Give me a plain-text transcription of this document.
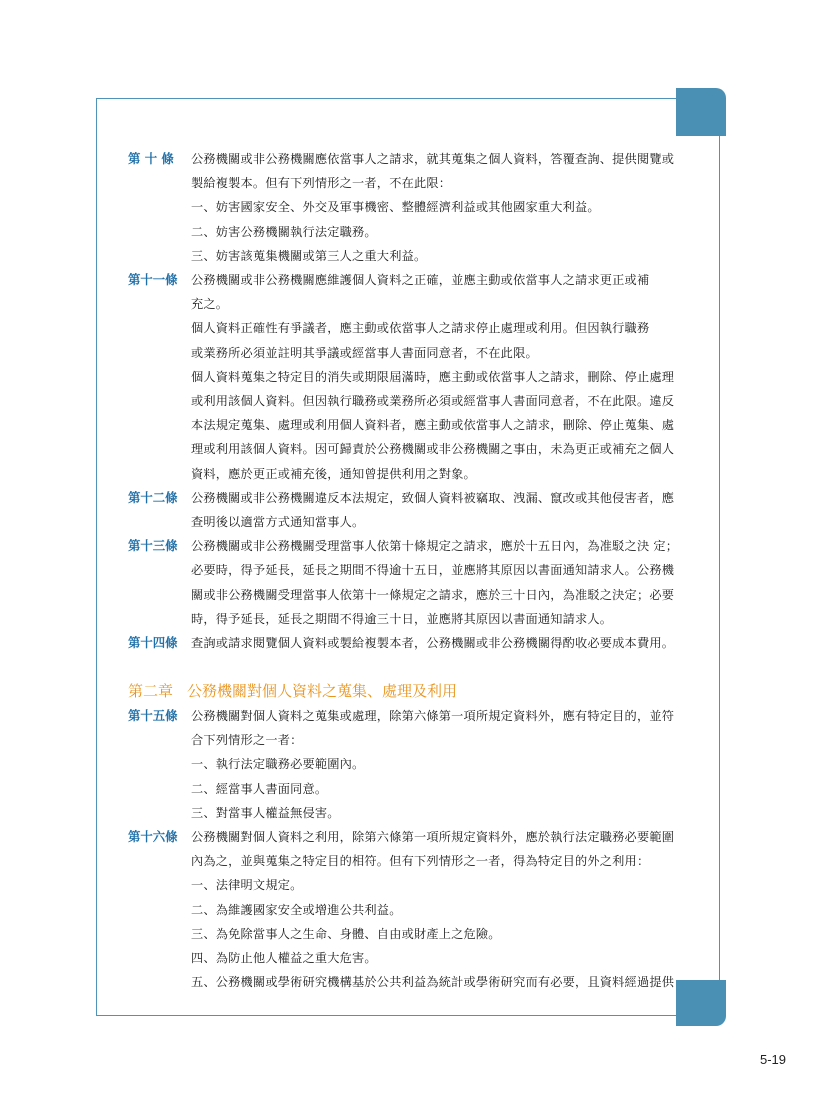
第二章 公務機關對個人資料之蒐集、處理及利用
第 十 條 公務機關或非公務機關應依當事人之請求，就其蒐集之個人資料，答覆查詢、提供閱覽或
製給複製本。但有下列情形之一者，不在此限：
一、妨害國家安全、外交及軍事機密、整體經濟利益或其他國家重大利益。
二、妨害公務機關執行法定職務。
三、妨害該蒐集機關或第三人之重大利益。
第十一條 公務機關或非公務機關應維護個人資料之正確，並應主動或依當事人之請求更正或補
充之。
個人資料正確性有爭議者，應主動或依當事人之請求停止處理或利用。但因執行職務
或業務所必須並註明其爭議或經當事人書面同意者，不在此限。
個人資料蒐集之特定目的消失或期限屆滿時，應主動或依當事人之請求，刪除、停止處理
或利用該個人資料。但因執行職務或業務所必須或經當事人書面同意者，不在此限。違反
本法規定蒐集、處理或利用個人資料者，應主動或依當事人之請求，刪除、停止蒐集、處
理或利用該個人資料。因可歸責於公務機關或非公務機關之事由，未為更正或補充之個人
資料，應於更正或補充後，通知曾提供利用之對象。
第十二條 公務機關或非公務機關違反本法規定，致個人資料被竊取、洩漏、竄改或其他侵害者，應
查明後以適當方式通知當事人。
第十三條 公務機關或非公務機關受理當事人依第十條規定之請求，應於十五日內，為准駁之決 定；
必要時，得予延長，延長之期間不得逾十五日，並應將其原因以書面通知請求人。公務機
關或非公務機關受理當事人依第十一條規定之請求，應於三十日內，為准駁之決定；必要
時，得予延長，延長之期間不得逾三十日，並應將其原因以書面通知請求人。
第十四條 查詢或請求閱覽個人資料或製給複製本者，公務機關或非公務機關得酌收必要成本費用。
第十五條 公務機關對個人資料之蒐集或處理，除第六條第一項所規定資料外，應有特定目的，並符
合下列情形之一者：
一、執行法定職務必要範圍內。
二、經當事人書面同意。
三、對當事人權益無侵害。
第十六條 公務機關對個人資料之利用，除第六條第一項所規定資料外，應於執行法定職務必要範圍
內為之，並與蒐集之特定目的相符。但有下列情形之一者，得為特定目的外之利用：
一、法律明文規定。
二、為維護國家安全或增進公共利益。
三、為免除當事人之生命、身體、自由或財產上之危險。
四、為防止他人權益之重大危害。
五、公務機關或學術研究機構基於公共利益為統計或學術研究而有必要，且資料經過提供
5-19
